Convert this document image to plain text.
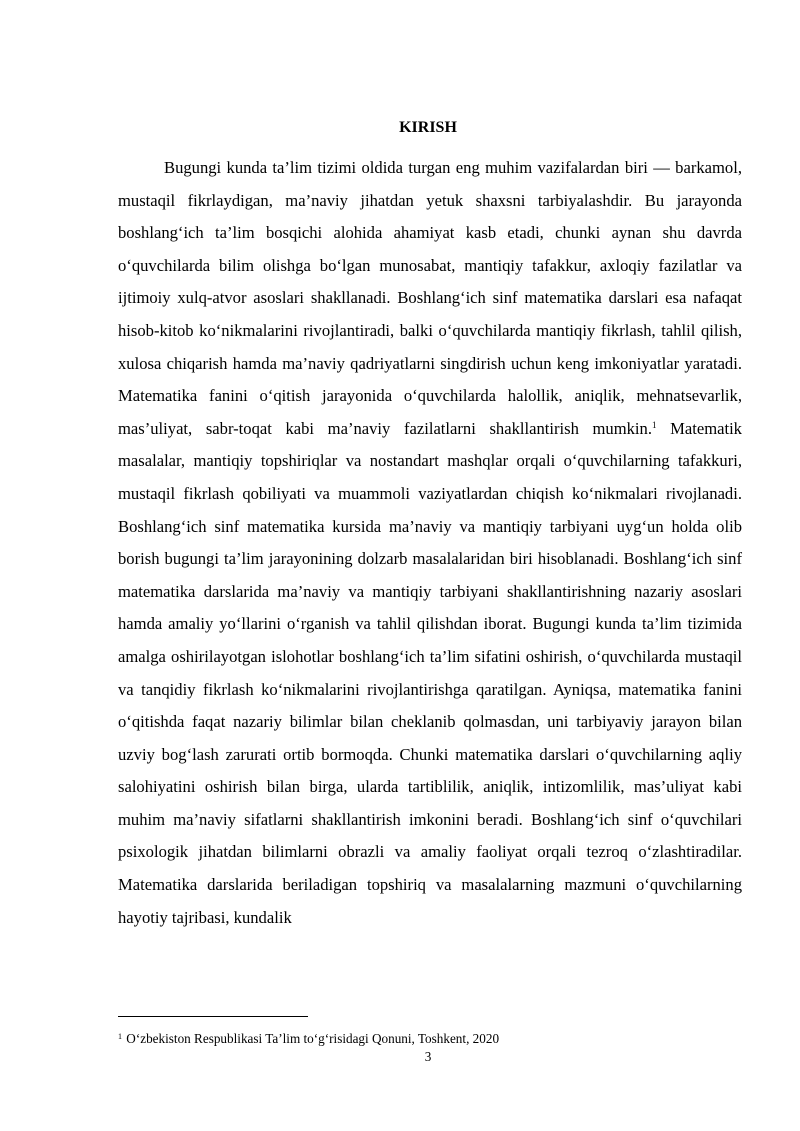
KIRISH

Bugungi kunda ta’lim tizimi oldida turgan eng muhim vazifalardan biri — barkamol, mustaqil fikrlaydigan, ma’naviy jihatdan yetuk shaxsni tarbiyalashdir. Bu jarayonda boshlang‘ich ta’lim bosqichi alohida ahamiyat kasb etadi, chunki aynan shu davrda o‘quvchilarda bilim olishga bo‘lgan munosabat, mantiqiy tafakkur, axloqiy fazilatlar va ijtimoiy xulq-atvor asoslari shakllanadi. Boshlang‘ich sinf matematika darslari esa nafaqat hisob-kitob ko‘nikmalarini rivojlantiradi, balki o‘quvchilarda mantiqiy fikrlash, tahlil qilish, xulosa chiqarish hamda ma’naviy qadriyatlarni singdirish uchun keng imkoniyatlar yaratadi. Matematika fanini o‘qitish jarayonida o‘quvchilarda halollik, aniqlik, mehnatsevarlik, mas’uliyat, sabr-toqat kabi ma’naviy fazilatlarni shakllantirish mumkin.$^1$ Matematik masalalar, mantiqiy topshiriqlar va nostandart mashqlar orqali o‘quvchilarning tafakkuri, mustaqil fikrlash qobiliyati va muammoli vaziyatlardan chiqish ko‘nikmalari rivojlanadi. Boshlang‘ich sinf matematika kursida ma’naviy va mantiqiy tarbiyani uyg‘un holda olib borish bugungi ta’lim jarayonining dolzarb masalalaridan biri hisoblanadi. Boshlang‘ich sinf matematika darslarida ma’naviy va mantiqiy tarbiyani shakllantirishning nazariy asoslari hamda amaliy yo‘llarini o‘rganish va tahlil qilishdan iborat. Bugungi kunda ta’lim tizimida amalga oshirilayotgan islohotlar boshlang‘ich ta’lim sifatini oshirish, o‘quvchilarda mustaqil va tanqidiy fikrlash ko‘nikmalarini rivojlantirishga qaratilgan. Ayniqsa, matematika fanini o‘qitishda faqat nazariy bilimlar bilan cheklanib qolmasdan, uni tarbiyaviy jarayon bilan uzviy bog‘lash zarurati ortib bormoqda. Chunki matematika darslari o‘quvchilarning aqliy salohiyatini oshirish bilan birga, ularda tartiblilik, aniqlik, intizomlilik, mas’uliyat kabi muhim ma’naviy sifatlarni shakllantirish imkonini beradi. Boshlang‘ich sinf o‘quvchilari psixologik jihatdan bilimlarni obrazli va amaliy faoliyat orqali tezroq o‘zlashtiradilar. Matematika darslarida beriladigan topshiriq va masalalarning mazmuni o‘quvchilarning hayotiy tajribasi, kundalik

$^1$ O‘zbekiston Respublikasi Ta’lim to‘g‘risidagi Qonuni, Toshkent, 2020
3
